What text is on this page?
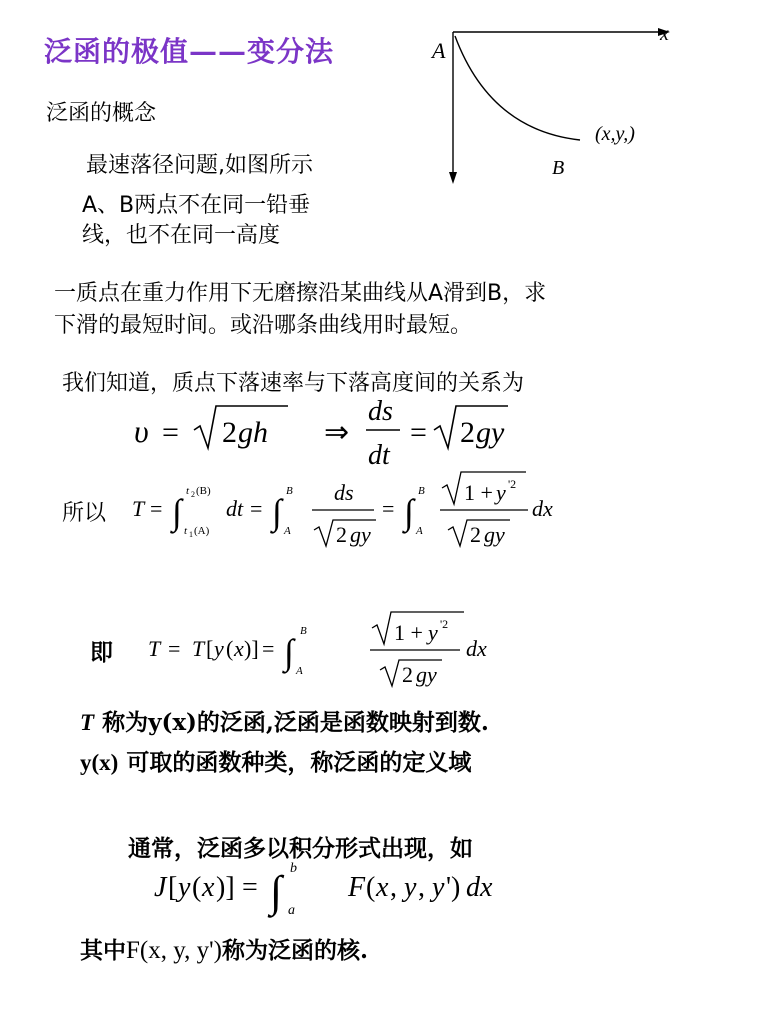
泛函的极值——变分法	A
x
(x,y,)
B
泛函的概念
最速落径问题,如图所示
A、B两点不在同一铅垂
线，也不在同一高度
一质点在重力作用下无磨擦沿某曲线从A滑到B，求
下滑的最短时间。或沿哪条曲线用时最短。
我们知道，质点下落速率与下落高度间的关系为
υ = 2 gh ⇒
ds
dt
= 2 gy
所以 T = ∫
t 2 (B)
t 1 (A)
dt = ∫
B
A
ds
2 gy
= ∫
B
A
1 + y '2
2 gy
dx
即 T = T [ y ( x )] = ∫
B
A
1 + y '2
2 gy
dx
T 称为y(x)的泛函,泛函是函数映射到数.
y(x) 可取的函数种类，称泛函的定义域
通常，泛函多以积分形式出现，如
J [ y ( x )] = ∫ b
a
F ( x , y , y ') dx
其中F(x, y, y')称为泛函的核.
